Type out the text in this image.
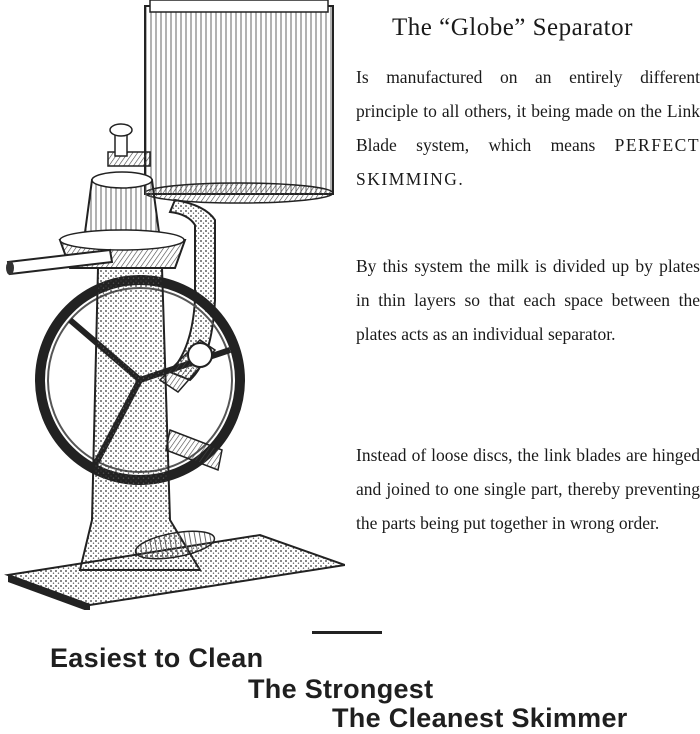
The “Globe” Separator

Is manufactured on an entirely different principle to all others, it being made on the Link Blade system, which means PERFECT SKIMMING.

By this system the milk is divided up by plates in thin layers so that each space between the plates acts as an individual separator.

Instead of loose discs, the link blades are hinged and joined to one single part, thereby preventing the parts being put together in wrong order.

Easiest to Clean
The Strongest
The Cleanest Skimmer
